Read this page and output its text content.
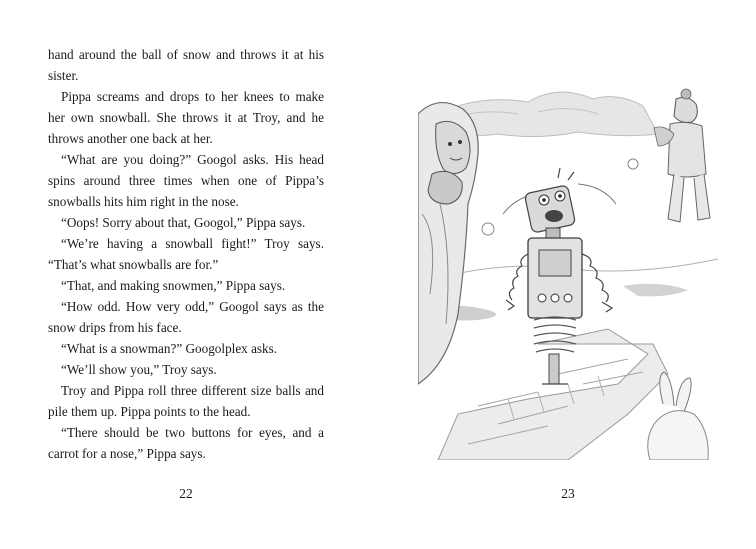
hand around the ball of snow and throws it at his sister.

Pippa screams and drops to her knees to make her own snowball. She throws it at Troy, and he throws another one back at her.

“What are you doing?” Googol asks. His head spins around three times when one of Pippa’s snowballs hits him right in the nose.

“Oops! Sorry about that, Googol,” Pippa says.

“We’re having a snowball fight!” Troy says. “That’s what snowballs are for.”

“That, and making snowmen,” Pippa says.

“How odd. How very odd,” Googol says as the snow drips from his face.

“What is a snowman?” Googolplex asks.

“We’ll show you,” Troy says.

Troy and Pippa roll three different size balls and pile them up. Pippa points to the head.

“There should be two buttons for eyes, and a carrot for a nose,” Pippa says.

22	23
